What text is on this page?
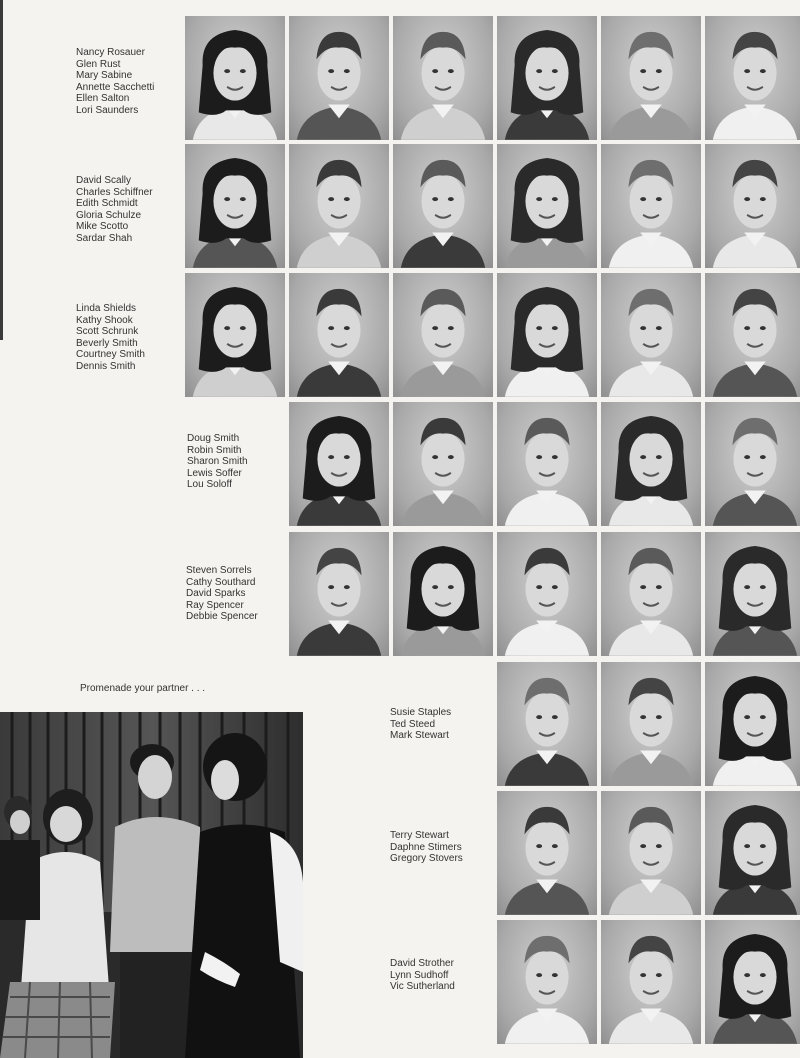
Nancy Rosauer
Glen Rust
Mary Sabine
Annette Sacchetti
Ellen Salton
Lori Saunders
David Scally
Charles Schiffner
Edith Schmidt
Gloria Schulze
Mike Scotto
Sardar Shah
Linda Shields
Kathy Shook
Scott Schrunk
Beverly Smith
Courtney Smith
Dennis Smith
Doug Smith
Robin Smith
Sharon Smith
Lewis Soffer
Lou Soloff
Steven Sorrels
Cathy Southard
David Sparks
Ray Spencer
Debbie Spencer
Susie Staples
Ted Steed
Mark Stewart
Terry Stewart
Daphne Stimers
Gregory Stovers
David Strother
Lynn Sudhoff
Vic Sutherland
Promenade your partner . . .
